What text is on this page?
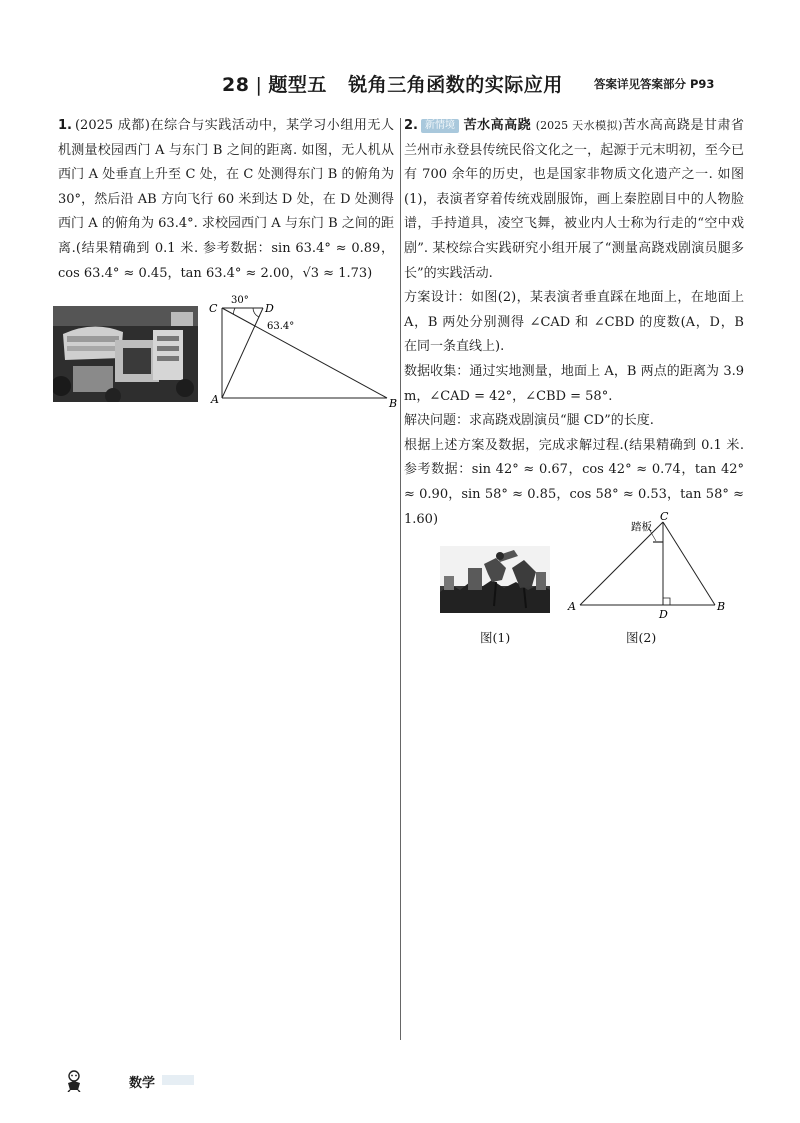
28 | 题型五 锐角三角函数的实际应用	答案详见答案部分 P93
1. (2025 成都)在综合与实践活动中，某学习小组用无人机测量校园西门 A 与东门 B 之间的距离. 如图，无人机从西门 A 处垂直上升至 C 处，在 C 处测得东门 B 的俯角为 30°，然后沿 AB 方向飞行 60 米到达 D 处，在 D 处测得西门 A 的俯角为 63.4°. 求校园西门 A 与东门 B 之间的距离.(结果精确到 0.1 米. 参考数据：sin 63.4° ≈ 0.89，cos 63.4° ≈ 0.45，tan 63.4° ≈ 2.00，√3 ≈ 1.73)
C	D
A	B
30°
63.4°
2. 新情境 苦水高高跷 (2025 天水模拟)苦水高高跷是甘肃省兰州市永登县传统民俗文化之一，起源于元末明初，至今已有 700 余年的历史，也是国家非物质文化遗产之一. 如图(1)，表演者穿着传统戏剧服饰，画上秦腔剧目中的人物脸谱，手持道具，凌空飞舞，被业内人士称为行走的“空中戏剧”. 某校综合实践研究小组开展了“测量高跷戏剧演员腿多长”的实践活动.
方案设计：如图(2)，某表演者垂直踩在地面上，在地面上 A，B 两处分别测得 ∠CAD 和 ∠CBD 的度数(A，D，B 在同一条直线上).
数据收集：通过实地测量，地面上 A，B 两点的距离为 3.9 m，∠CAD = 42°，∠CBD = 58°.
解决问题：求高跷戏剧演员“腿 CD”的长度.
根据上述方案及数据，完成求解过程.(结果精确到 0.1 米. 参考数据：sin 42° ≈ 0.67，cos 42° ≈ 0.74，tan 42° ≈ 0.90，sin 58° ≈ 0.85，cos 58° ≈ 0.53，tan 58° ≈ 1.60)
踏板
C
A
D
B
图(1)	图(2)
数学
